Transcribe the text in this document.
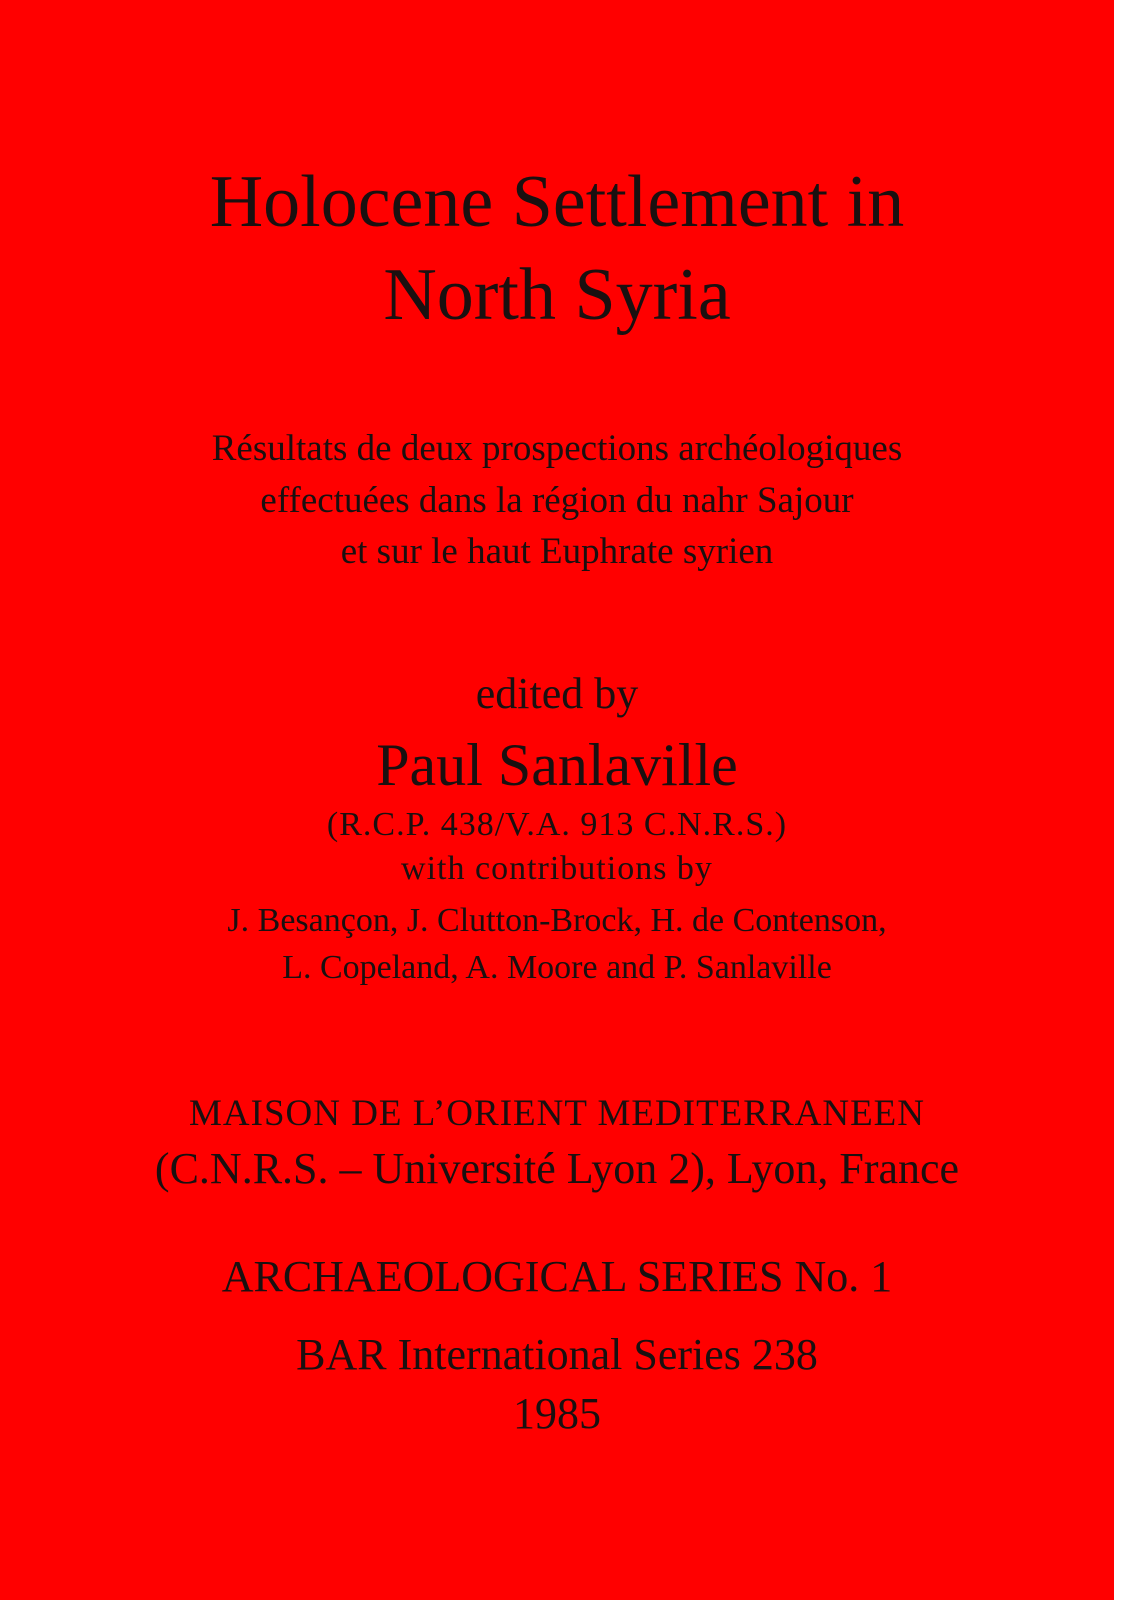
Holocene Settlement in
North Syria
Résultats de deux prospections archéologiques
effectuées dans la région du nahr Sajour
et sur le haut Euphrate syrien
edited by
Paul Sanlaville
(R.C.P. 438/V.A. 913 C.N.R.S.)
with contributions by
J. Besançon, J. Clutton-Brock, H. de Contenson,
L. Copeland, A. Moore and P. Sanlaville
MAISON DE L’ORIENT MEDITERRANEEN
(C.N.R.S. – Université Lyon 2), Lyon, France
ARCHAEOLOGICAL SERIES No. 1
BAR International Series 238
1985
